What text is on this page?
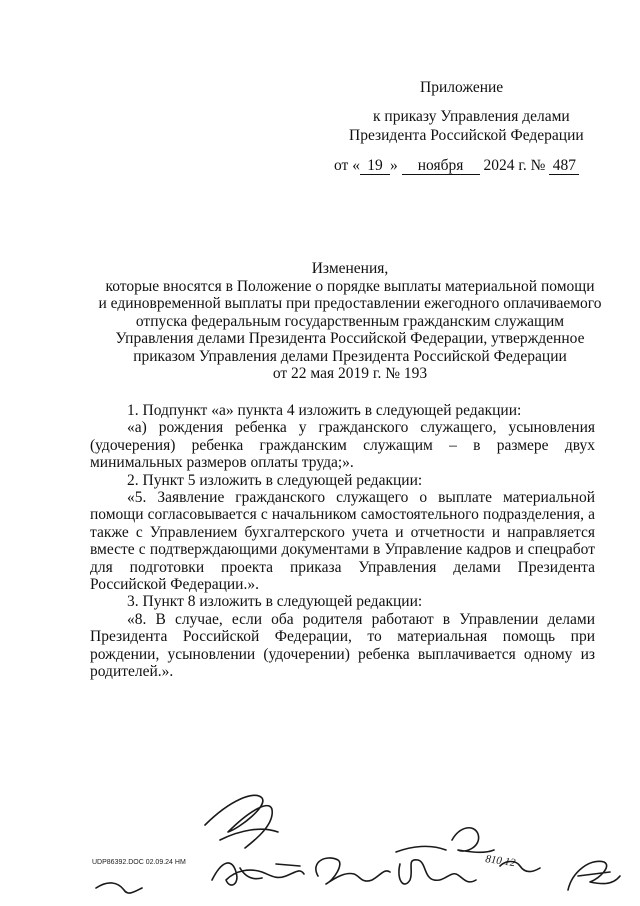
Приложение
к приказу Управления делами
Президента Российской Федерации
от « 19 » ноября 2024 г. № 487
Изменения,
которые вносятся в Положение о порядке выплаты материальной помощи
и единовременной выплаты при предоставлении ежегодного оплачиваемого
отпуска федеральным государственным гражданским служащим
Управления делами Президента Российской Федерации, утвержденное
приказом Управления делами Президента Российской Федерации
от 22 мая 2019 г. № 193

1. Подпункт «а» пункта 4 изложить в следующей редакции:

«а) рождения ребенка у гражданского служащего, усыновления (удочерения) ребенка гражданским служащим – в размере двух минимальных размеров оплаты труда;».

2. Пункт 5 изложить в следующей редакции:

«5. Заявление гражданского служащего о выплате материальной помощи согласовывается с начальником самостоятельного подразделения, а также с Управлением бухгалтерского учета и отчетности и направляется вместе с подтверждающими документами в Управление кадров и спецработ для подготовки проекта приказа Управления делами Президента Российской Федерации.».

3. Пункт 8 изложить в следующей редакции:

«8. В случае, если оба родителя работают в Управлении делами Президента Российской Федерации, то материальная помощь при рождении, усыновлении (удочерении) ребенка выплачивается одному из родителей.».

810.12
UDP86392.DOC 02.09.24 HM
